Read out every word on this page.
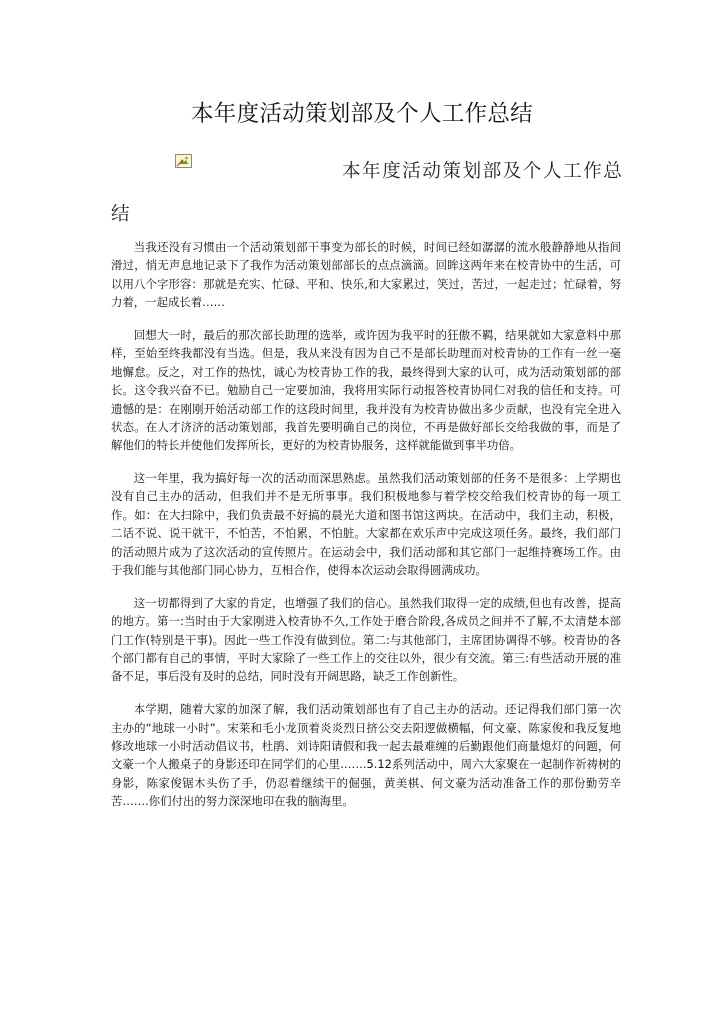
本年度活动策划部及个人工作总结
本年度活动策划部及个人工作总
结

当我还没有习惯由一个活动策划部干事变为部长的时候，时间已经如潺潺的流水般静静地从指间滑过，悄无声息地记录下了我作为活动策划部部长的点点滴滴。回眸这两年来在校青协中的生活，可以用八个字形容：那就是充实、忙碌、平和、快乐,和大家累过，笑过，苦过，一起走过；忙碌着，努力着，一起成长着……

回想大一时，最后的那次部长助理的选举，或许因为我平时的狂傲不羁，结果就如大家意料中那样，至始至终我都没有当选。但是，我从来没有因为自己不是部长助理而对校青协的工作有一丝一毫地懈怠。反之，对工作的热忱，诚心为校青协工作的我，最终得到大家的认可，成为活动策划部的部长。这令我兴奋不已。勉励自己一定要加油，我将用实际行动报答校青协同仁对我的信任和支持。可遗憾的是：在刚刚开始活动部工作的这段时间里，我并没有为校青协做出多少贡献，也没有完全进入状态。在人才济济的活动策划部，我首先要明确自己的岗位，不再是做好部长交给我做的事，而是了解他们的特长并使他们发挥所长，更好的为校青协服务，这样就能做到事半功倍。

这一年里，我为搞好每一次的活动而深思熟虑。虽然我们活动策划部的任务不是很多：上学期也没有自己主办的活动，但我们并不是无所事事。我们积极地参与着学校交给我们校青协的每一项工作。如：在大扫除中，我们负责最不好搞的晨光大道和图书馆这两块。在活动中，我们主动，积极，二话不说、说干就干，不怕苦，不怕累，不怕脏。大家都在欢乐声中完成这项任务。最终，我们部门的活动照片成为了这次活动的宣传照片。在运动会中，我们活动部和其它部门一起维持赛场工作。由于我们能与其他部门同心协力，互相合作，使得本次运动会取得圆满成功。

这一切都得到了大家的肯定，也增强了我们的信心。虽然我们取得一定的成绩,但也有改善，提高的地方。第一:当时由于大家刚进入校青协不久,工作处于磨合阶段,各成员之间并不了解,不太清楚本部门工作(特别是干事)。因此一些工作没有做到位。第二:与其他部门，主席团协调得不够。校青协的各个部门都有自己的事情，平时大家除了一些工作上的交往以外，很少有交流。第三:有些活动开展的准备不足，事后没有及时的总结，同时没有开阔思路，缺乏工作创新性。

本学期，随着大家的加深了解，我们活动策划部也有了自己主办的活动。还记得我们部门第一次主办的“地球一小时”。宋莱和毛小龙顶着炎炎烈日挤公交去阳逻做横幅，何文豪、陈家俊和我反复地修改地球一小时活动倡议书，杜鹃、刘诗阳请假和我一起去最难缠的后勤跟他们商量熄灯的问题，何文豪一个人搬桌子的身影还印在同学们的心里…….5.12系列活动中，周六大家聚在一起制作祈祷树的身影，陈家俊锯木头伤了手，仍忍着继续干的倔强，黄美棋、何文豪为活动准备工作的那份勤劳辛苦…….你们付出的努力深深地印在我的脑海里。
